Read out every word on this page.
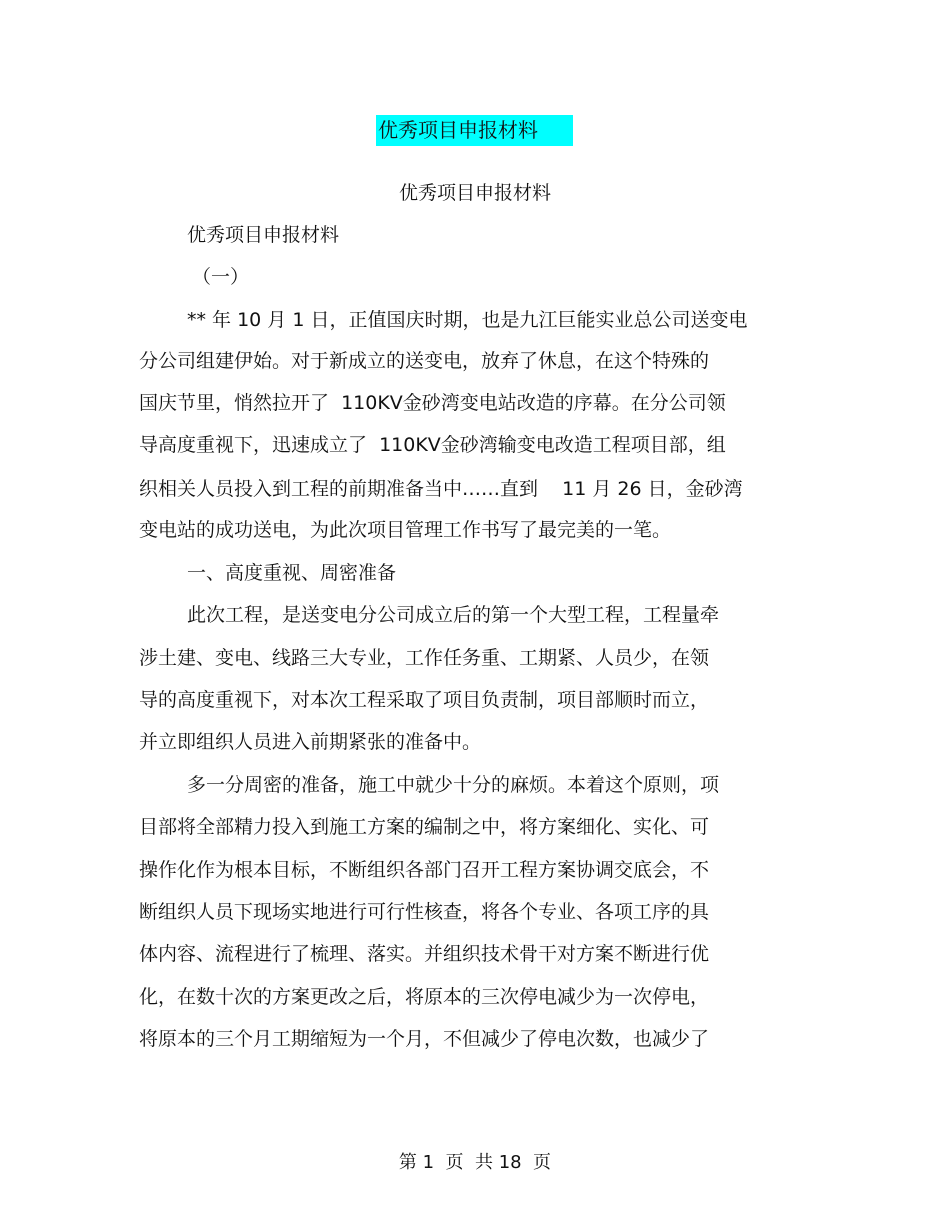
优秀项目申报材料
优秀项目申报材料
优秀项目申报材料
（一）
** 年 10 月 1 日，正值国庆时期，也是九江巨能实业总公司送变电
分公司组建伊始。对于新成立的送变电，放弃了休息，在这个特殊的
国庆节里，悄然拉开了  110KV金砂湾变电站改造的序幕。在分公司领
导高度重视下，迅速成立了  110KV金砂湾输变电改造工程项目部，组
织相关人员投入到工程的前期准备当中……直到    11 月 26 日，金砂湾
变电站的成功送电，为此次项目管理工作书写了最完美的一笔。
一、高度重视、周密准备
此次工程，是送变电分公司成立后的第一个大型工程，工程量牵
涉土建、变电、线路三大专业，工作任务重、工期紧、人员少，在领
导的高度重视下，对本次工程采取了项目负责制，项目部顺时而立，
并立即组织人员进入前期紧张的准备中。
多一分周密的准备，施工中就少十分的麻烦。本着这个原则，项
目部将全部精力投入到施工方案的编制之中，将方案细化、实化、可
操作化作为根本目标，不断组织各部门召开工程方案协调交底会，不
断组织人员下现场实地进行可行性核查，将各个专业、各项工序的具
体内容、流程进行了梳理、落实。并组织技术骨干对方案不断进行优
化，在数十次的方案更改之后，将原本的三次停电减少为一次停电，
将原本的三个月工期缩短为一个月，不但减少了停电次数，也减少了
第 1  页  共 18  页
